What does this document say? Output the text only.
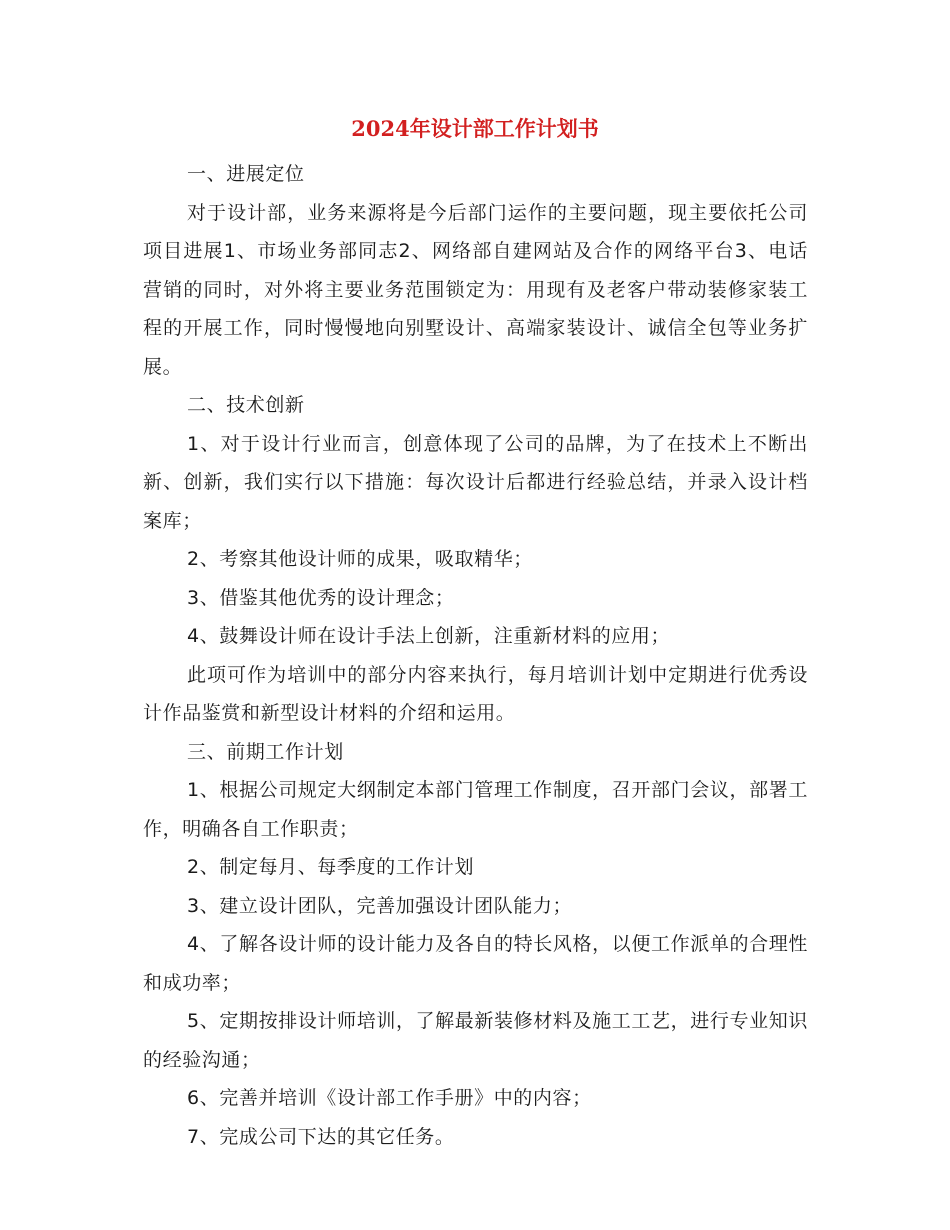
2024年设计部工作计划书

一、进展定位

对于设计部，业务来源将是今后部门运作的主要问题，现主要依托公司项目进展1、市场业务部同志2、网络部自建网站及合作的网络平台3、电话营销的同时，对外将主要业务范围锁定为：用现有及老客户带动装修家装工程的开展工作，同时慢慢地向别墅设计、高端家装设计、诚信全包等业务扩展。

二、技术创新

1、对于设计行业而言，创意体现了公司的品牌，为了在技术上不断出新、创新，我们实行以下措施：每次设计后都进行经验总结，并录入设计档案库；

2、考察其他设计师的成果，吸取精华；

3、借鉴其他优秀的设计理念；

4、鼓舞设计师在设计手法上创新，注重新材料的应用；

此项可作为培训中的部分内容来执行，每月培训计划中定期进行优秀设计作品鉴赏和新型设计材料的介绍和运用。

三、前期工作计划

1、根据公司规定大纲制定本部门管理工作制度，召开部门会议，部署工作，明确各自工作职责；

2、制定每月、每季度的工作计划

3、建立设计团队，完善加强设计团队能力；

4、了解各设计师的设计能力及各自的特长风格，以便工作派单的合理性和成功率；

5、定期按排设计师培训，了解最新装修材料及施工工艺，进行专业知识的经验沟通；

6、完善并培训《设计部工作手册》中的内容；

7、完成公司下达的其它任务。
